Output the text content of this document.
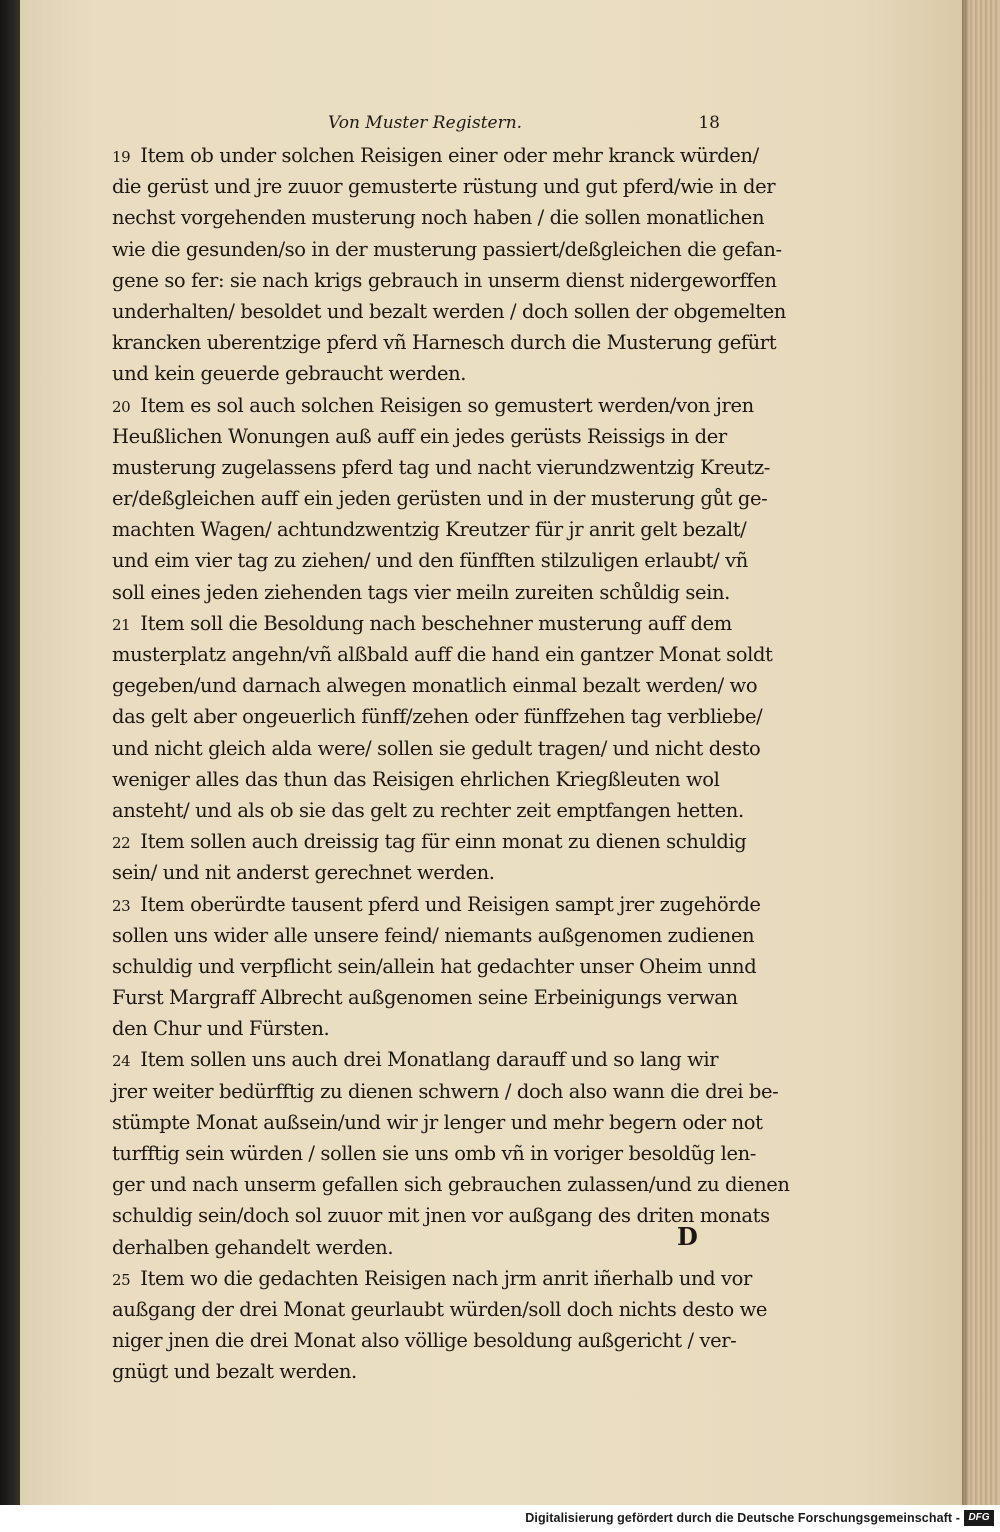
Von Muster Registern.	18
19 Item ob under solchen Reisigen einer oder mehr kranck würden/
die gerüst und jre zuuor gemusterte rüstung und gut pferd/wie in der
nechst vorgehenden musterung noch haben / die sollen monatlichen
wie die gesunden/so in der musterung passiert/deßgleichen die gefan-
gene so fer: sie nach krigs gebrauch in unserm dienst nidergeworffen
underhalten/ besoldet und bezalt werden / doch sollen der obgemelten
krancken uberentzige pferd vñ Harnesch durch die Musterung gefürt
und kein geuerde gebraucht werden.
20 Item es sol auch solchen Reisigen so gemustert werden/von jren
Heußlichen Wonungen auß auff ein jedes gerüsts Reissigs in der
musterung zugelassens pferd tag und nacht vierundzwentzig Kreutz-
er/deßgleichen auff ein jeden gerüsten und in der musterung gůt ge-
machten Wagen/ achtundzwentzig Kreutzer für jr anrit gelt bezalt/
und eim vier tag zu ziehen/ und den fünfften stilzuligen erlaubt/ vñ
soll eines jeden ziehenden tags vier meiln zureiten schůldig sein.
21 Item soll die Besoldung nach beschehner musterung auff dem
musterplatz angehn/vñ alßbald auff die hand ein gantzer Monat soldt
gegeben/und darnach alwegen monatlich einmal bezalt werden/ wo
das gelt aber ongeuerlich fünff/zehen oder fünffzehen tag verbliebe/
und nicht gleich alda were/ sollen sie gedult tragen/ und nicht desto
weniger alles das thun das Reisigen ehrlichen Kriegßleuten wol
ansteht/ und als ob sie das gelt zu rechter zeit emptfangen hetten.
22 Item sollen auch dreissig tag für einn monat zu dienen schuldig
sein/ und nit anderst gerechnet werden.
23 Item oberürdte tausent pferd und Reisigen sampt jrer zugehörde
sollen uns wider alle unsere feind/ niemants außgenomen zudienen
schuldig und verpflicht sein/allein hat gedachter unser Oheim unnd
Furst Margraff Albrecht außgenomen seine Erbeinigungs verwan
den Chur und Fürsten.
24 Item sollen uns auch drei Monatlang darauff und so lang wir
jrer weiter bedürfftig zu dienen schwern / doch also wann die drei be-
stümpte Monat außsein/und wir jr lenger und mehr begern oder not
turfftig sein würden / sollen sie uns omb vñ in voriger besoldũg len-
ger und nach unserm gefallen sich gebrauchen zulassen/und zu dienen
schuldig sein/doch sol zuuor mit jnen vor außgang des driten monats
derhalben gehandelt werden.
25 Item wo die gedachten Reisigen nach jrm anrit iñerhalb und vor
außgang der drei Monat geurlaubt würden/soll doch nichts desto we
niger jnen die drei Monat also völlige besoldung außgericht / ver-
gnügt und bezalt werden.
D
Digitalisierung gefördert durch die Deutsche Forschungsgemeinschaft - DFG
